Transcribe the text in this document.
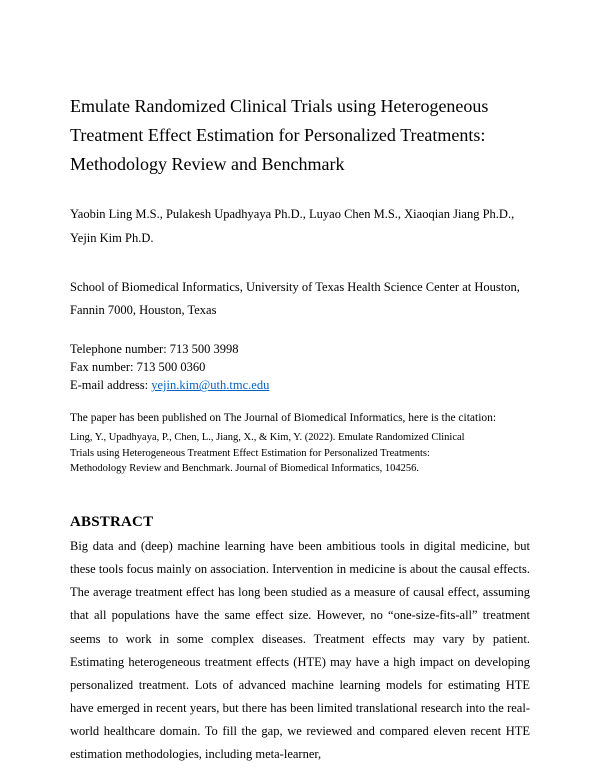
Emulate Randomized Clinical Trials using Heterogeneous Treatment Effect Estimation for Personalized Treatments: Methodology Review and Benchmark

Yaobin Ling M.S., Pulakesh Upadhyaya Ph.D., Luyao Chen M.S., Xiaoqian Jiang Ph.D., Yejin Kim Ph.D.

School of Biomedical Informatics, University of Texas Health Science Center at Houston, Fannin 7000, Houston, Texas

Telephone number: 713 500 3998
Fax number: 713 500 0360
E-mail address: yejin.kim@uth.tmc.edu

The paper has been published on The Journal of Biomedical Informatics, here is the citation:

Ling, Y., Upadhyaya, P., Chen, L., Jiang, X., & Kim, Y. (2022). Emulate Randomized Clinical Trials using Heterogeneous Treatment Effect Estimation for Personalized Treatments: Methodology Review and Benchmark. Journal of Biomedical Informatics, 104256.

ABSTRACT

Big data and (deep) machine learning have been ambitious tools in digital medicine, but these tools focus mainly on association. Intervention in medicine is about the causal effects. The average treatment effect has long been studied as a measure of causal effect, assuming that all populations have the same effect size. However, no “one-size-fits-all” treatment seems to work in some complex diseases. Treatment effects may vary by patient. Estimating heterogeneous treatment effects (HTE) may have a high impact on developing personalized treatment. Lots of advanced machine learning models for estimating HTE have emerged in recent years, but there has been limited translational research into the real-world healthcare domain. To fill the gap, we reviewed and compared eleven recent HTE estimation methodologies, including meta-learner,
